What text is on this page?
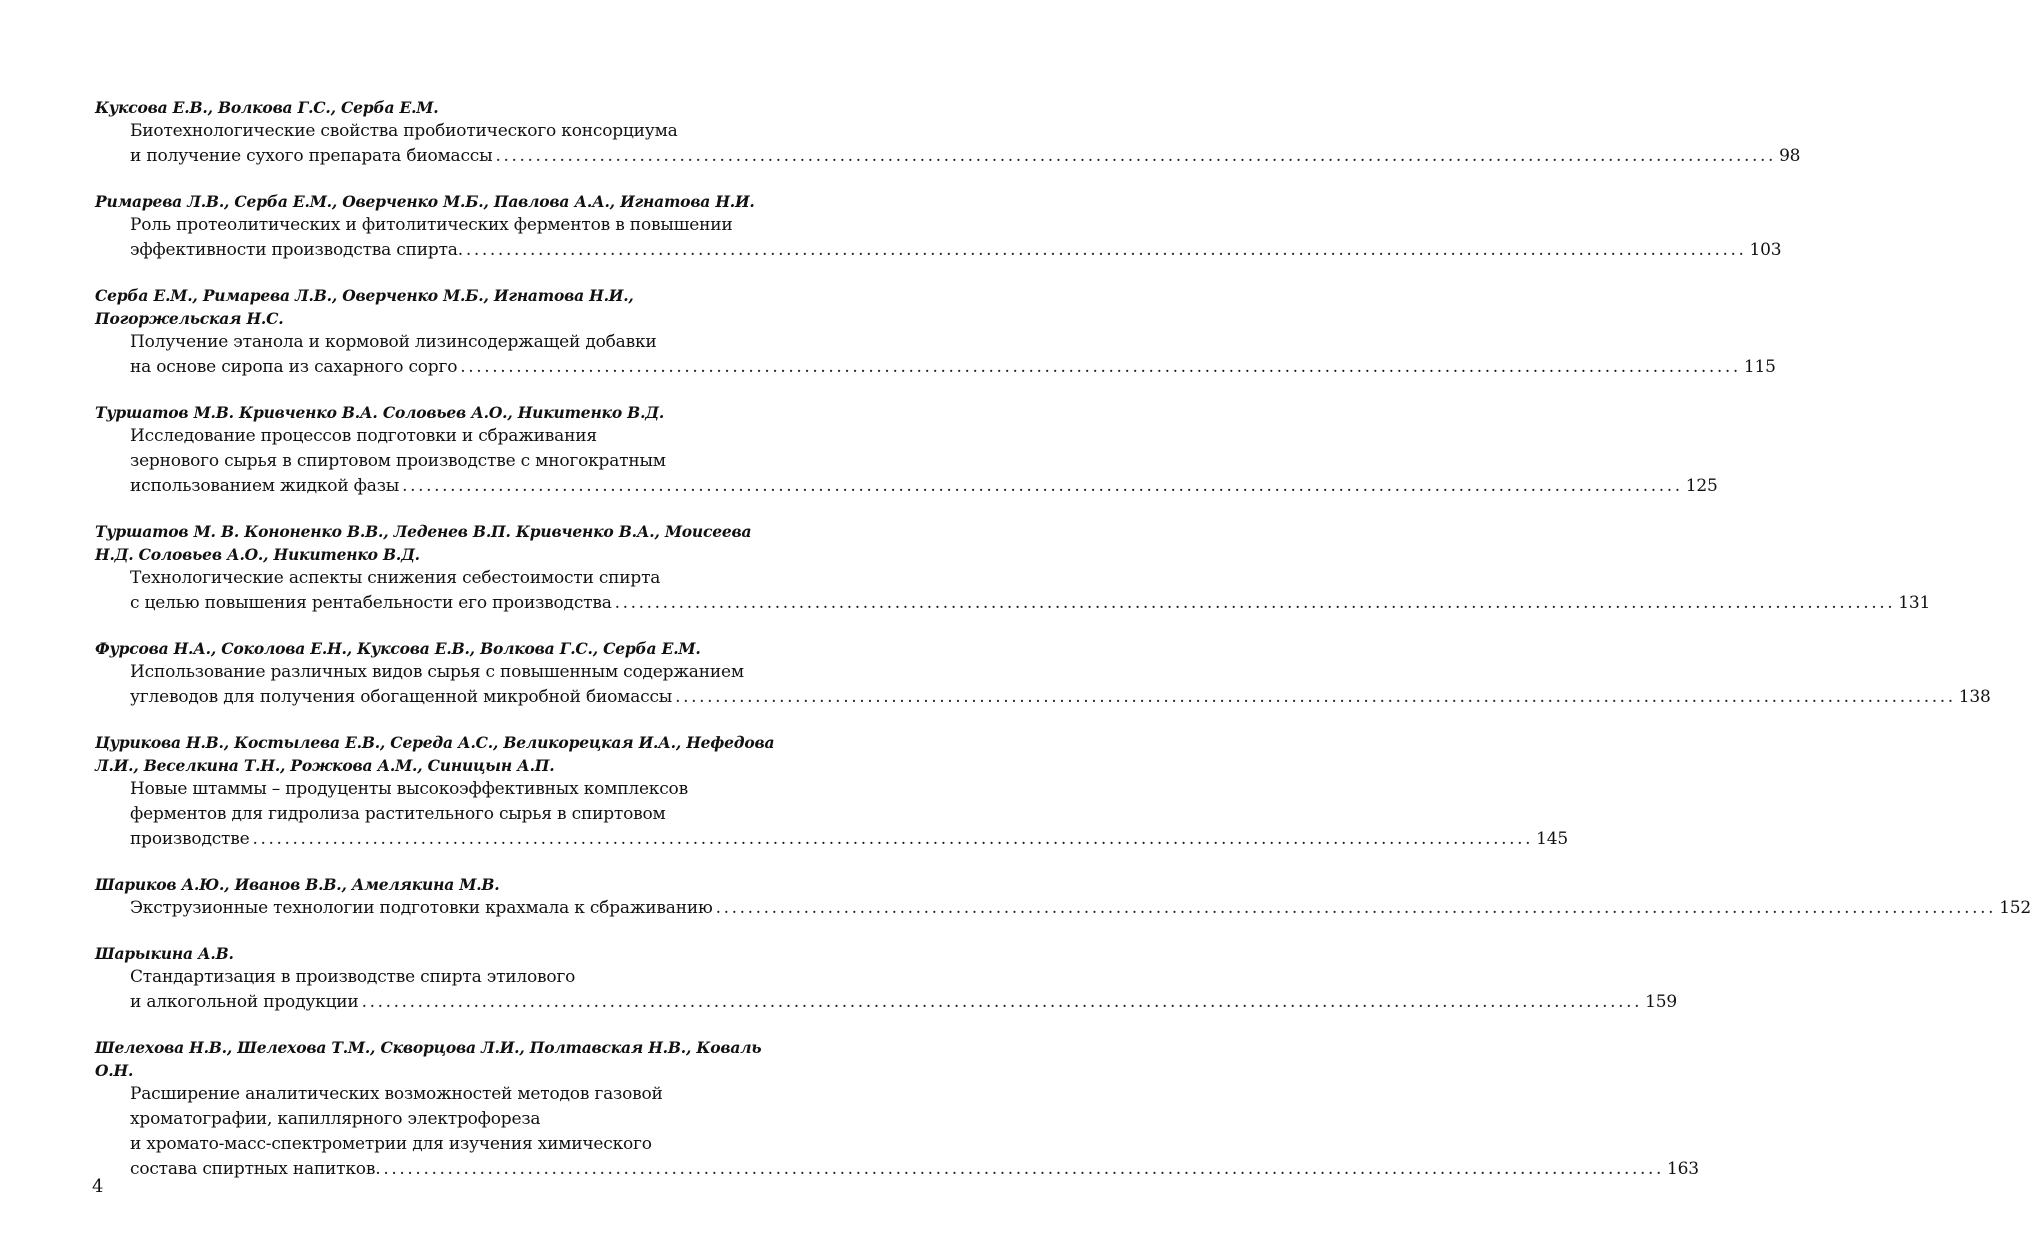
Куксова Е.В., Волкова Г.С., Серба Е.М.
Биотехнологические свойства пробиотического консорциума
и получение сухого препарата биомассы ................................................................................................................................................................ 98
Римарева Л.В., Серба Е.М., Оверченко М.Б., Павлова А.А., Игнатова Н.И.
Роль протеолитических и фитолитических ферментов в повышении
эффективности производства спирта. ................................................................................................................................................................ 103
Серба Е.М., Римарева Л.В., Оверченко М.Б., Игнатова Н.И., Погоржельская Н.С.
Получение этанола и кормовой лизинсодержащей добавки
на основе сиропа из сахарного сорго ................................................................................................................................................................ 115
Туршатов М.В. Кривченко В.А. Соловьев А.О., Никитенко В.Д.
Исследование процессов подготовки и сбраживания
зернового сырья в спиртовом производстве с многократным
использованием жидкой фазы ................................................................................................................................................................ 125
Туршатов М. В. Кононенко В.В., Леденев В.П. Кривченко В.А., Моисеева Н.Д. Соловьев А.О., Никитенко В.Д.
Технологические аспекты снижения себестоимости спирта
с целью повышения рентабельности его производства ................................................................................................................................................................ 131
Фурсова Н.А., Соколова Е.Н., Куксова Е.В., Волкова Г.С., Серба Е.М.
Использование различных видов сырья с повышенным содержанием
углеводов для получения обогащенной микробной биомассы ................................................................................................................................................................ 138
Цурикова Н.В., Костылева Е.В., Середа А.С., Великорецкая И.А., Нефедова Л.И., Веселкина Т.Н., Рожкова А.М., Синицын А.П.
Новые штаммы – продуценты высокоэффективных комплексов
ферментов для гидролиза растительного сырья в спиртовом
производстве ................................................................................................................................................................ 145
Шариков А.Ю., Иванов В.В., Амелякина М.В.
Экструзионные технологии подготовки крахмала к сбраживанию ................................................................................................................................................................ 152
Шарыкина А.В.
Стандартизация в производстве спирта этилового
и алкогольной продукции ................................................................................................................................................................ 159
Шелехова Н.В., Шелехова Т.М., Скворцова Л.И., Полтавская Н.В., Коваль О.Н.
Расширение аналитических возможностей методов газовой
хроматографии, капиллярного электрофореза
и хромато-масс-спектрометрии для изучения химического
состава спиртных напитков. ................................................................................................................................................................ 163
4
